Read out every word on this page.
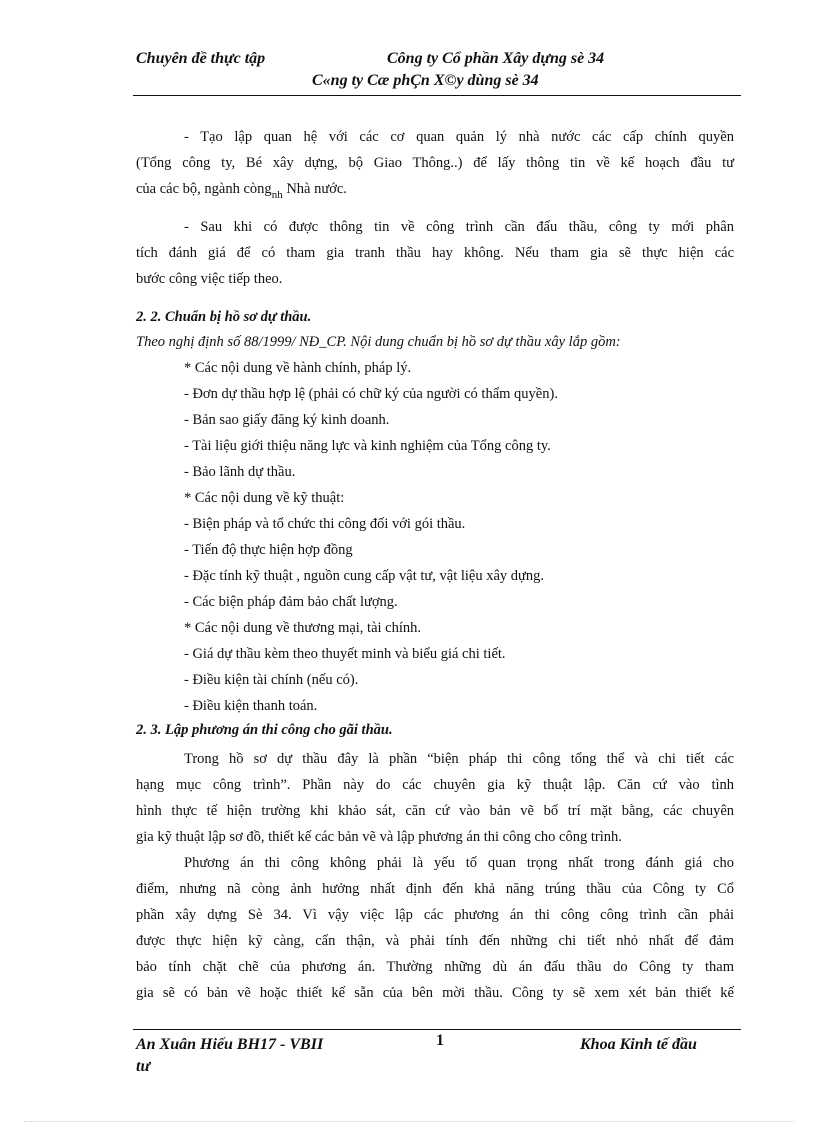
Chuyên đề thực tập	Công ty Cổ phần Xây dựng sè 34
C«ng ty Cæ phÇn X©y dùng sè 34
- Tạo lập quan hệ với các cơ quan quản lý nhà nước các cấp chính quyền
(Tổng công ty, Bé xây dựng, bộ Giao Thông..) để lấy thông tin về kế hoạch đầu tư
của các bộ, ngành còng$_{nh}$ Nhà nước.
- Sau khi có được thông tin về công trình cần đấu thầu, công ty mới phân
tích đánh giá để có tham gia tranh thầu hay không. Nếu tham gia sẽ thực hiện các
bước công việc tiếp theo.
2. 2. Chuẩn bị hồ sơ dự thầu.
Theo nghị định số 88/1999/ NĐ_CP. Nội dung chuẩn bị hồ sơ dự thầu xây lắp gồm:
* Các nội dung về hành chính, pháp lý.
- Đơn dự thầu hợp lệ (phải có chữ ký của người có thẩm quyền).
- Bản sao giấy đăng ký kinh doanh.
- Tài liệu giới thiệu năng lực và kinh nghiệm của Tổng công ty.
- Bảo lãnh dự thầu.
* Các nội dung về kỹ thuật:
- Biện pháp và tổ chức thi công đối với gói thầu.
- Tiến độ thực hiện hợp đồng
- Đặc tính kỹ thuật , nguồn cung cấp vật tư, vật liệu xây dựng.
- Các biện pháp đảm bảo chất lượng.
* Các nội dung về thương mại, tài chính.
- Giá dự thầu kèm theo thuyết minh và biểu giá chi tiết.
- Điều kiện tài chính (nếu có).
- Điều kiện thanh toán.
2. 3. Lập phương án thi công cho gãi thầu.
Trong hồ sơ dự thầu đây là phần “biện pháp thi công tổng thể và chi tiết các
hạng mục công trình”. Phần này do các chuyên gia kỹ thuật lập. Căn cứ vào tình
hình thực tế hiện trường khi khảo sát, căn cứ vào bản vẽ bố trí mặt bằng, các chuyên
gia kỹ thuật lập sơ đồ, thiết kế các bản vẽ và lập phương án thi công cho công trình.
Phương án thi công không phải là yếu tố quan trọng nhất trong đánh giá cho
điểm, nhưng nã còng ảnh hưởng nhất định đến khả năng trúng thầu của Công ty Cổ
phần xây dựng Sè 34. Vì vậy việc lập các phương án thi công công trình cần phải
được thực hiện kỹ càng, cẩn thận, và phải tính đến những chi tiết nhỏ nhất để đảm
bảo tính chặt chẽ của phương án. Thường những dù án đấu thầu do Công ty tham
gia sẽ có bản vẽ hoặc thiết kế sẵn của bên mời thầu. Công ty sẽ xem xét bản thiết kế
An Xuân Hiếu BH17 - VBII
tư
1	Khoa Kinh tế đầu
